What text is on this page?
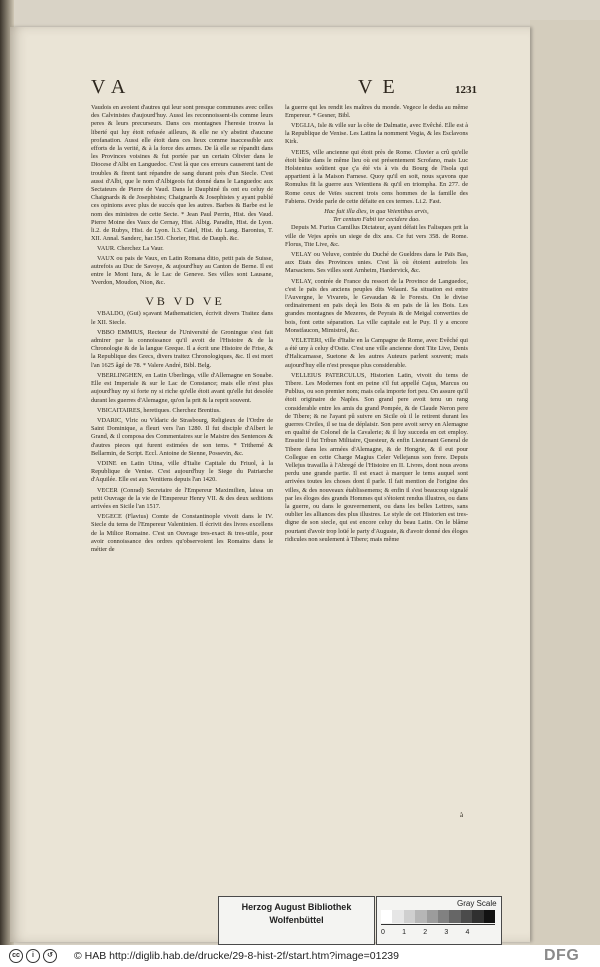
VA	VE	1231

Vaudois en avoient d'autres qui leur sont presque communes avec celles des Calvinistes d'aujourd'huy. Aussi les reconnoissent-ils comme leurs peres & leurs precurseurs. Dans ces montagnes l'heresie trouva la liberté qui luy étoit refusée ailleurs, & elle ne s'y abstint d'aucune profanation. Aussi elle étoit dans ces lieux comme inaccessible aux efforts de la verité, & à la force des armes. De là elle se répandit dans les Provinces voisines & fut portée par un certain Olivier dans le Diocese d'Albi en Languedoc. C'est là que ces erreurs causerent tant de troubles & firent tant répandre de sang durant près d'un Siecle. C'est aussi d'Albi, que le nom d'Albigeois fut donné dans le Languedoc aux Sectateurs de Pierre de Vaud. Dans le Dauphiné ils ont eu celuy de Chaignards & de Josephistes; Chaignards & Josephistes y ayant publié ces opinions avec plus de succés que les autres. Barbes & Barbe est le nom des ministres de cette Secte. * Jean Paul Perrin, Hist. des Vaud. Pierre Moine des Vaux de Cernay, Hist. Albig. Paradin, Hist. de Lyon. li.2. de Rubys, Hist. de Lyon. li.3. Catel, Hist. du Lang. Baronius, T. XII. Annal. Sanderc, har.150. Chorier, Hist. de Dauph. &c.

VAUR. Cherchez La Vaur.

VAUX ou pais de Vaux, en Latin Romana ditio, petit pais de Suisse, autrefois au Duc de Savoye, & aujourd'huy au Canton de Berne. Il est entre le Mont Iura, & le Lac de Geneve. Ses villes sont Lausane, Yverdon, Moudon, Nion, &c.

VB VD VE
VBALDO, (Gui) sçavant Mathematicien, écrivit divers Traitez dans le XII. Siecle.
VBBO EMMIUS, Recteur de l'Université de Groningue s'est fait admirer par la connoissance qu'il avoit de l'Histoire & de la Chronologie & de la langue Greque. Il a écrit une Histoire de Frise, & la Republique des Grecs, divers traitez Chronologiques, &c. Il est mort l'an 1625 âgé de 78. * Valere André, Bibl. Belg.
VBERLINGHEN, en Latin Uberlinga, ville d'Allemagne en Souabe. Elle est Imperiale & sur le Lac de Constance; mais elle n'est plus aujourd'huy ny si forte ny si riche qu'elle étoit avant qu'elle fut desolée durant les guerres d'Alemagne, qu'on la prit & la reprit souvent.
VBICAITAIRES, heretiques. Cherchez Brentius.
VDARIC, Vlric ou Vldaric de Strasbourg, Religieux de l'Ordre de Saint Dominique, a fleuri vers l'an 1280. Il fut disciple d'Albert le Grand, & il composa des Commentaires sur le Maistre des Sentences & d'autres pieces qui furent estimées de son tems. * Trithemé & Bellarmin, de Script. Eccl. Antoine de Sienne, Possevin, &c.
VDINE en Latin Utina, ville d'Italie Capitale du Friuol, à la Republique de Venise. C'est aujourd'huy le Siege du Patriarche d'Aquilée. Elle est aux Venitiens depuis l'an 1420.
VECER (Conrad) Secretaire de l'Empereur Maximilien, laissa un petit Ouvrage de la vie de l'Empereur Henry VII. & des deux seditions arrivées en Sicile l'an 1517.
VEGECE (Flavius) Comte de Constantinople vivoit dans le IV. Siecle du tems de l'Empereur Valentinien. Il écrivit des livres excellens de la Milice Romaine. C'est un Ouvrage tres-exact & tres-utile, pour avoir connoissance des ordres qu'observoient les Romains dans le métier de

la guerre qui les rendit les maîtres du monde. Vegece le dedia au même Empereur. * Gesner, Bibl.

VEGLIA, Isle & ville sur la côte de Dalmatie, avec Evêché. Elle est à la Republique de Venise. Les Latins la nomment Vegia, & les Esclavons Kirk.
VEIES, ville ancienne qui étoit près de Rome. Cluvier a crû qu'elle étoit bâtie dans le même lieu où est présentement Scrofano, mais Luc Holstenius soûtient que ç'a été vis à vis du Bourg de l'Isola qui appartient à la Maison Farnese. Quoy qu'il en soit, nous sçavons que Romulus fit la guerre aux Veïentiens & qu'il en triompha. En 277. de Rome ceux de Veïes sucrent trois cens hommes de la famille des Fabiens. Ovide parle de cette défaite en ces termes. Li.2. Fast.

Hac fuit illa dies, in qua Veientibus arvis,

Ter centum Fabii ter cecidere duo.

Depuis M. Furius Camillus Dictateur, ayant défait les Falisques prit la ville de Vejes après un siege de dix ans. Ce fut vers 358. de Rome. Florus, Tite Live, &c.
VELAY ou Veluve, contrée du Duché de Gueldres dans le Païs Bas, aux Etats des Provinces unies. C'est là où étoient autrefois les Marsaciens. Ses villes sont Arnheim, Hardervick, &c.
VELAY, contrée de France du ressort de la Province de Languedoc, c'est le païs des anciens peuples dits Velauni. Sa situation est entre l'Auvergne, le Vivarets, le Gevaudan & le Forests. On le divise ordinairement en païs deçà les Bois & en païs de là les Bois. Les grandes montagnes de Mezeres, de Peyrais & de Meigal converties de bois, font cette séparation. La ville capitale est le Puy. Il y a encore Monstfaucon, Mimistrol, &c.
VELETERI, ville d'Italie en la Campagne de Rome, avec Evêché qui a été uny à celuy d'Ostie. C'est une ville ancienne dont Tite Live, Denis d'Halicarnasse, Suetone & les autres Auteurs parlent souvent; mais aujourd'huy elle n'est presque plus considerable.
VELLEIUS PATERCULUS, Historien Latin, vivoit du tems de Tibere. Les Modernes font en peine s'il fut appellé Cajus, Marcus ou Publius, ou son premier nom; mais cela importe fort peu. On assure qu'il étoit originaire de Naples. Son grand pere avoit tenu un rang considerable entre les amis du grand Pompée, & de Claude Neron pere de Tibere; & ne l'ayant pû suivre en Sicile où il le retirent durant les guerres Civiles, il se tua de déplaisir. Son pere avoit servy en Alemagne en qualité de Colonel de la Cavalerie; & il luy succeda en cet employ. Ensuite il fut Tribun Militaire, Questeur, & enfin Lieutenant General de Tibere dans les armées d'Alemagne, & de Hongrie, & il eut pour Collegue en cette Charge Magius Celer Vellejanus son frere. Depuis Vellejus travailla à l'Abregé de l'Histoire en II. Livres, dont nous avons perdu une grande partie. Il est exact à marquer le tems auquel sont arrivées toutes les choses dont il parle. Il fait mention de l'origine des villes, & des nouveaux établissemens; & enfin il s'est beaucoup signalé par les éloges des grands Hommes qui s'étoient rendus illustres, ou dans la guerre, ou dans le gouvernement, ou dans les belles Lettres, sans oublier les alliances des plus illustres. Le style de cet Historien est tres-digne de son siecle, qui est encore celuy du beau Latin. On le blâme pourtant d'avoir trop loüé le party d'Auguste, & d'avoir donné des éloges ridicules non seulement à Tibere; mais même
à
Herzog August Bibliothek
Wolfenbüttel
Gray Scale
0 1 2 3 4
cc	i	↺	© HAB http://diglib.hab.de/drucke/29-8-hist-2f/start.htm?image=01239	DFG
